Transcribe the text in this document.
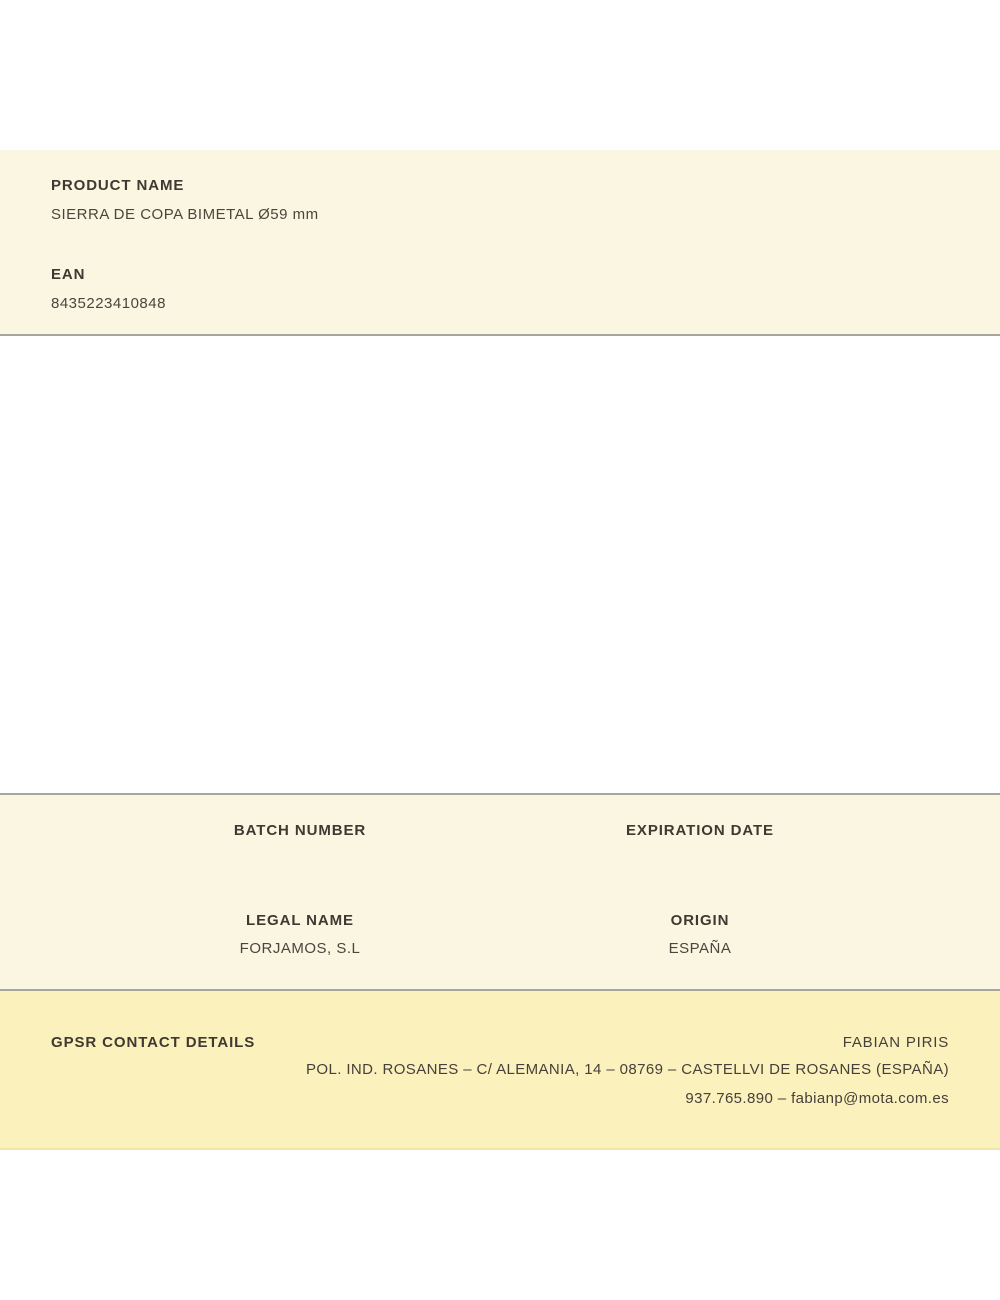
PRODUCT NAME
SIERRA DE COPA BIMETAL Ø59 mm
EAN
8435223410848
BATCH NUMBER	EXPIRATION DATE
LEGAL NAME
FORJAMOS, S.L
ORIGIN
ESPAÑA
GPSR CONTACT DETAILS	FABIAN PIRIS
POL. IND. ROSANES – C/ ALEMANIA, 14 – 08769 – CASTELLVI DE ROSANES (ESPAÑA)
937.765.890 – fabianp@mota.com.es
